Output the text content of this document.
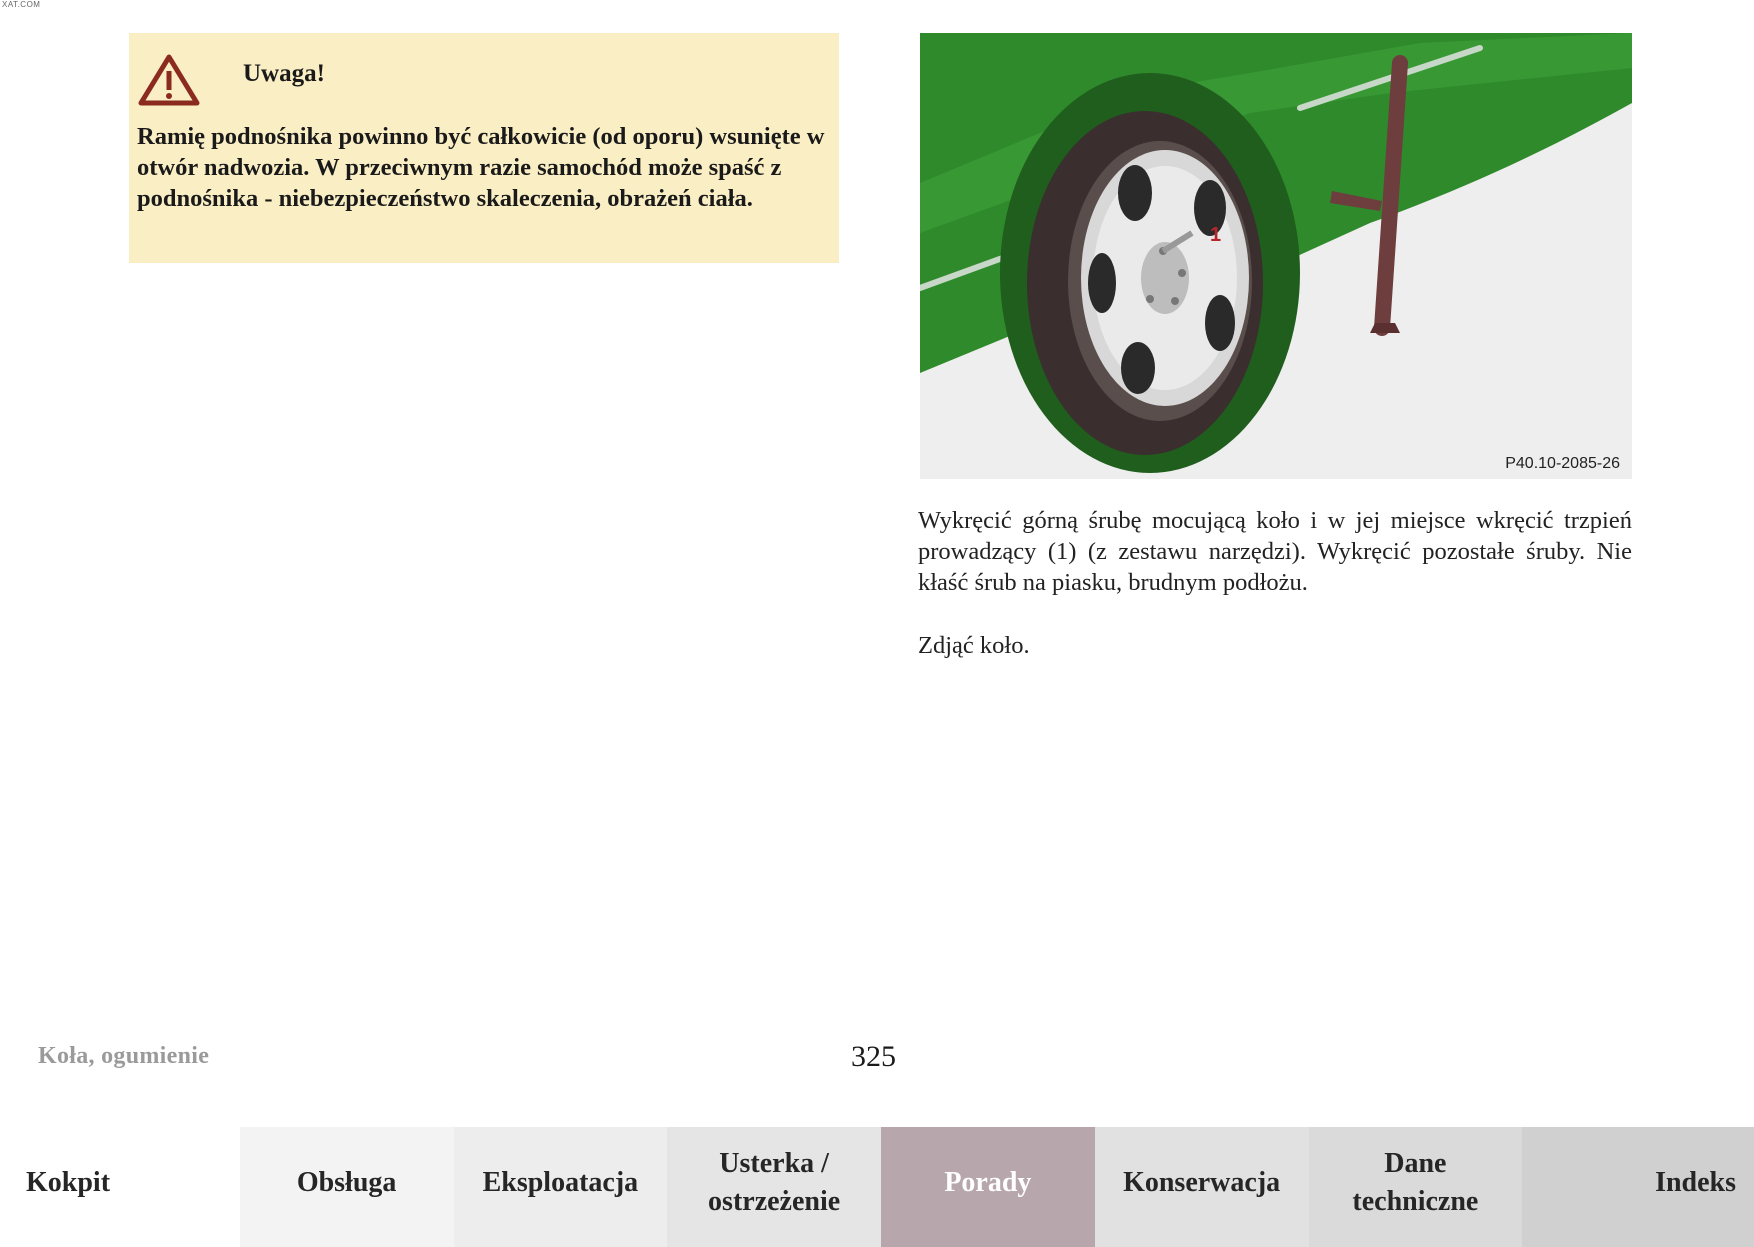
XAT.COM
Uwaga!
Ramię podnośnika powinno być całkowicie (od oporu) wsunięte w otwór nadwozia. W przeciwnym razie samochód może spaść z podnośnika - niebezpieczeństwo skaleczenia, obrażeń ciała.
1
P40.10-2085-26
Wykręcić górną śrubę mocującą koło i w jej miejsce wkręcić trzpień prowadzący (1) (z zestawu narzędzi). Wykręcić pozostałe śruby. Nie kłaść śrub na piasku, brudnym podłożu.
Zdjąć koło.
Koła, ogumienie	325
Kokpit	Obsługa	Eksploatacja
Usterka /
ostrzeżenie
Porady	Konserwacja
Dane
techniczne
Indeks
